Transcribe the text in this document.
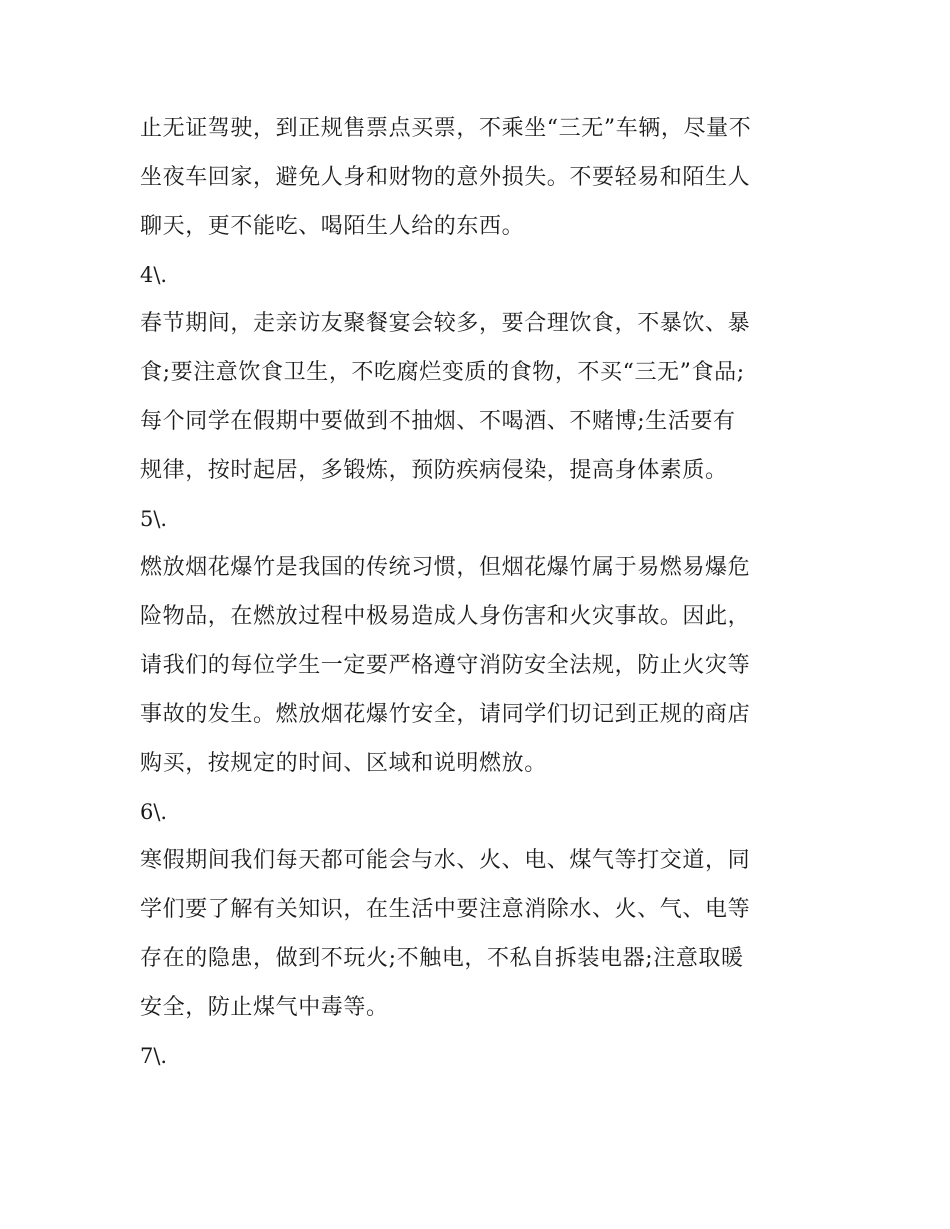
止无证驾驶，到正规售票点买票，不乘坐“三无”车辆，尽量不
坐夜车回家，避免人身和财物的意外损失。不要轻易和陌生人
聊天，更不能吃、喝陌生人给的东西。
4\.
春节期间，走亲访友聚餐宴会较多，要合理饮食，不暴饮、暴
食;要注意饮食卫生，不吃腐烂变质的食物，不买“三无”食品;
每个同学在假期中要做到不抽烟、不喝酒、不赌博;生活要有
规律，按时起居，多锻炼，预防疾病侵染，提高身体素质。
5\.
燃放烟花爆竹是我国的传统习惯，但烟花爆竹属于易燃易爆危
险物品，在燃放过程中极易造成人身伤害和火灾事故。因此，
请我们的每位学生一定要严格遵守消防安全法规，防止火灾等
事故的发生。燃放烟花爆竹安全，请同学们切记到正规的商店
购买，按规定的时间、区域和说明燃放。
6\.
寒假期间我们每天都可能会与水、火、电、煤气等打交道，同
学们要了解有关知识，在生活中要注意消除水、火、气、电等
存在的隐患，做到不玩火;不触电，不私自拆装电器;注意取暖
安全，防止煤气中毒等。
7\.
